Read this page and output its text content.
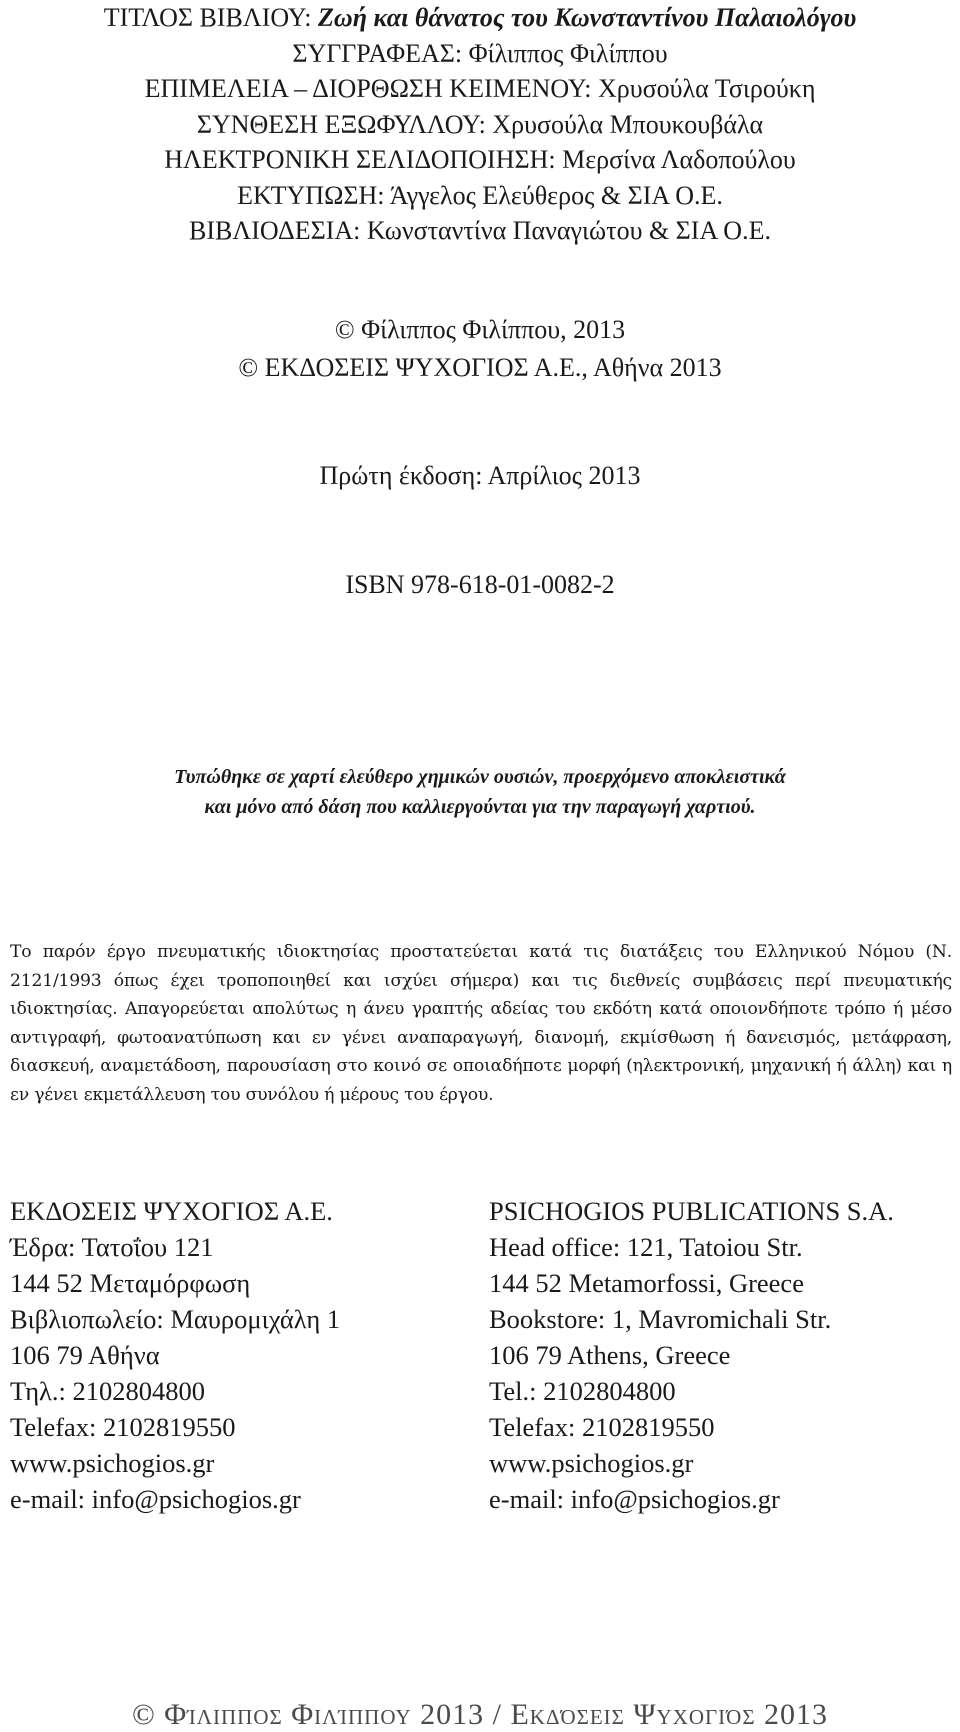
ΤΙΤΛΟΣ ΒΙΒΛΙΟΥ: Ζωή και θάνατος του Κωνσταντίνου Παλαιολόγου
ΣΥΓΓΡΑΦΕΑΣ: Φίλιππος Φιλίππου
ΕΠΙΜΕΛΕΙΑ – ΔΙΟΡΘΩΣΗ ΚΕΙΜΕΝΟΥ: Χρυσούλα Τσιρούκη
ΣΥΝΘΕΣΗ ΕΞΩΦΥΛΛΟΥ: Χρυσούλα Μπουκουβάλα
ΗΛΕΚΤΡΟΝΙΚΗ ΣΕΛΙΔΟΠΟΙΗΣΗ: Μερσίνα Λαδοπούλου
ΕΚΤΥΠΩΣΗ: Άγγελος Ελεύθερος & ΣΙΑ Ο.Ε.
ΒΙΒΛΙΟΔΕΣΙΑ: Κωνσταντίνα Παναγιώτου & ΣΙΑ Ο.Ε.
© Φίλιππος Φιλίππου, 2013
© ΕΚΔΟΣΕΙΣ ΨΥΧΟΓΙΟΣ Α.Ε., Αθήνα 2013
Πρώτη έκδοση: Απρίλιος 2013
ISBN 978-618-01-0082-2
Τυπώθηκε σε χαρτί ελεύθερο χημικών ουσιών, προερχόμενο αποκλειστικά
και μόνο από δάση που καλλιεργούνται για την παραγωγή χαρτιού.
Το παρόν έργο πνευματικής ιδιοκτησίας προστατεύεται κατά τις διατάξεις του Ελληνικού Νόμου (Ν. 2121/1993 όπως έχει τροποποιηθεί και ισχύει σήμερα) και τις διεθνείς συμβάσεις περί πνευματικής ιδιοκτησίας. Απαγορεύεται απολύτως η άνευ γραπτής αδείας του εκδότη κατά οποιονδήποτε τρόπο ή μέσο αντιγραφή, φωτοανατύπωση και εν γένει αναπαραγωγή, διανομή, εκμίσθωση ή δανεισμός, μετάφραση, διασκευή, αναμετάδοση, παρουσίαση στο κοινό σε οποιαδήποτε μορφή (ηλεκτρονική, μηχανική ή άλλη) και η εν γένει εκμετάλλευση του συνόλου ή μέρους του έργου.
ΕΚΔΟΣΕΙΣ ΨΥΧΟΓΙΟΣ Α.Ε.
Έδρα: Τατοΐου 121
144 52 Μεταμόρφωση
Βιβλιοπωλείο: Μαυρομιχάλη 1
106 79 Αθήνα
Τηλ.: 2102804800
Telefax: 2102819550
www.psichogios.gr
e-mail: info@psichogios.gr
PSICHOGIOS PUBLICATIONS S.A.
Head office: 121, Tatoiou Str.
144 52 Metamorfossi, Greece
Bookstore: 1, Mavromichali Str.
106 79 Athens, Greece
Tel.: 2102804800
Telefax: 2102819550
www.psichogios.gr
e-mail: info@psichogios.gr
© Φίλιππος Φιλίππου 2013 / Εκδόσεις Ψυχογιός 2013
